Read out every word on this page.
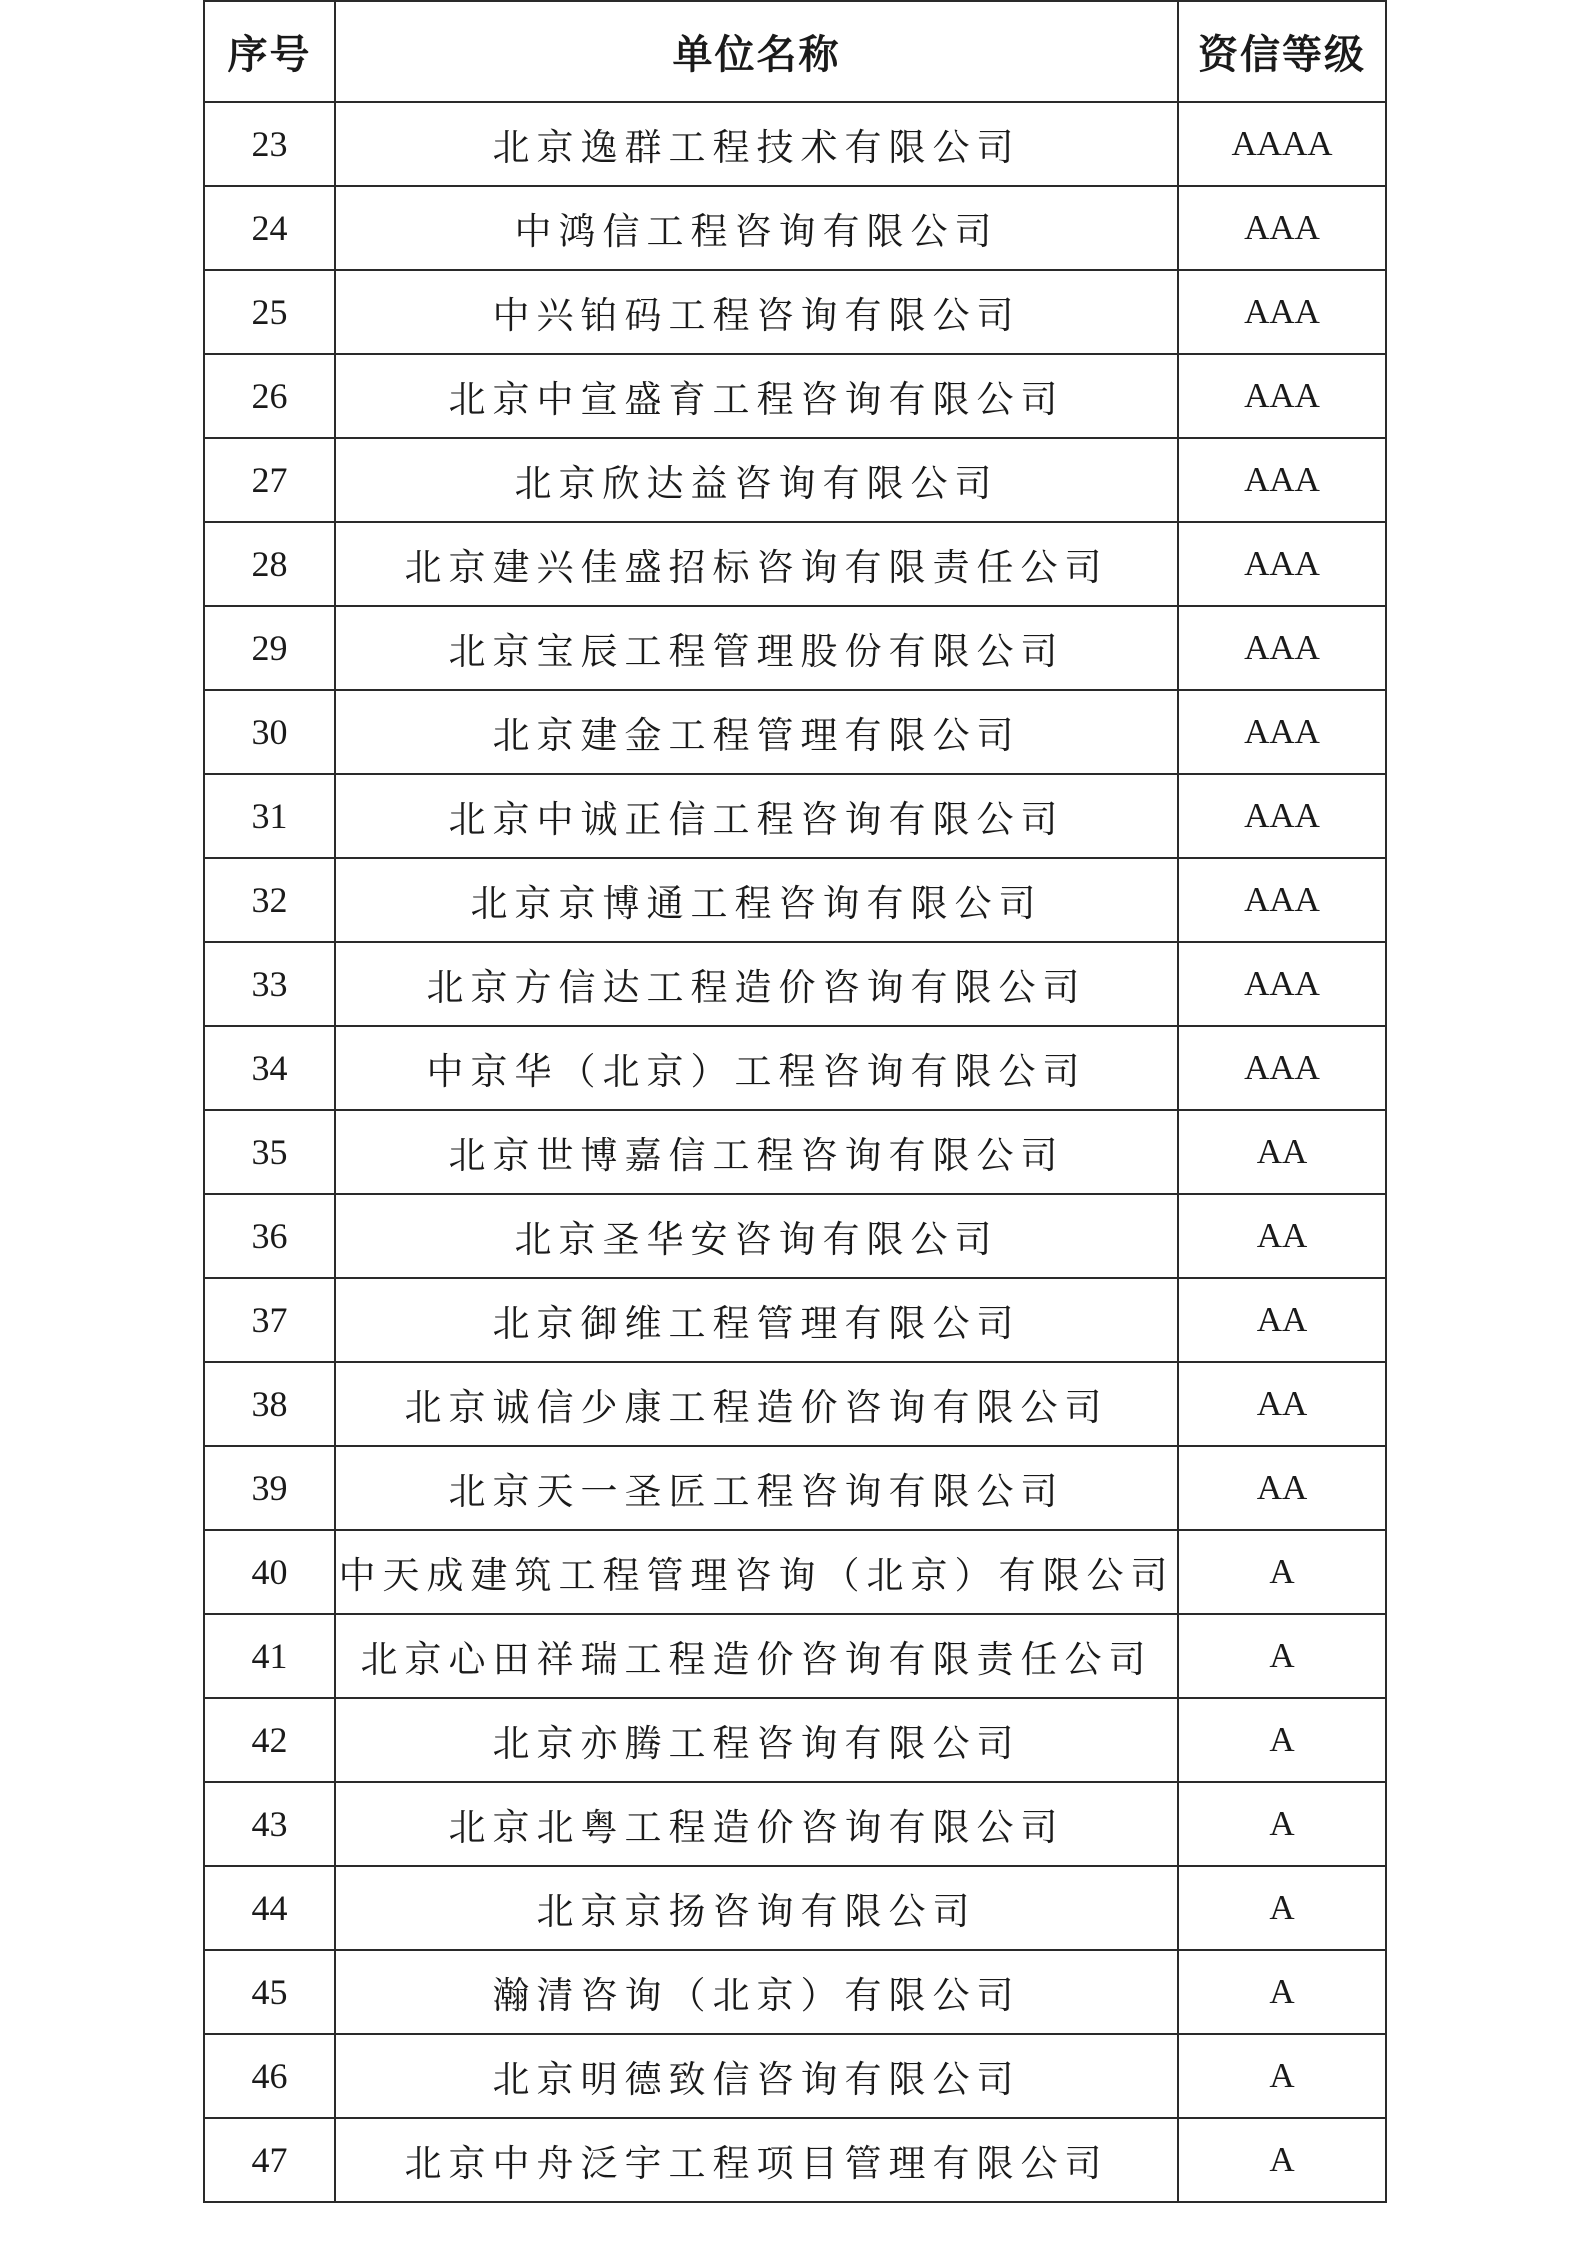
序号	单位名称	资信等级
23	北京逸群工程技术有限公司	AAAA
24	中鸿信工程咨询有限公司	AAA
25	中兴铂码工程咨询有限公司	AAA
26	北京中宣盛育工程咨询有限公司	AAA
27	北京欣达益咨询有限公司	AAA
28	北京建兴佳盛招标咨询有限责任公司	AAA
29	北京宝辰工程管理股份有限公司	AAA
30	北京建金工程管理有限公司	AAA
31	北京中诚正信工程咨询有限公司	AAA
32	北京京博通工程咨询有限公司	AAA
33	北京方信达工程造价咨询有限公司	AAA
34	中京华（北京）工程咨询有限公司	AAA
35	北京世博嘉信工程咨询有限公司	AA
36	北京圣华安咨询有限公司	AA
37	北京御维工程管理有限公司	AA
38	北京诚信少康工程造价咨询有限公司	AA
39	北京天一圣匠工程咨询有限公司	AA
40	中天成建筑工程管理咨询（北京）有限公司	A
41	北京心田祥瑞工程造价咨询有限责任公司	A
42	北京亦腾工程咨询有限公司	A
43	北京北粤工程造价咨询有限公司	A
44	北京京扬咨询有限公司	A
45	瀚清咨询（北京）有限公司	A
46	北京明德致信咨询有限公司	A
47	北京中舟泛宇工程项目管理有限公司	A
